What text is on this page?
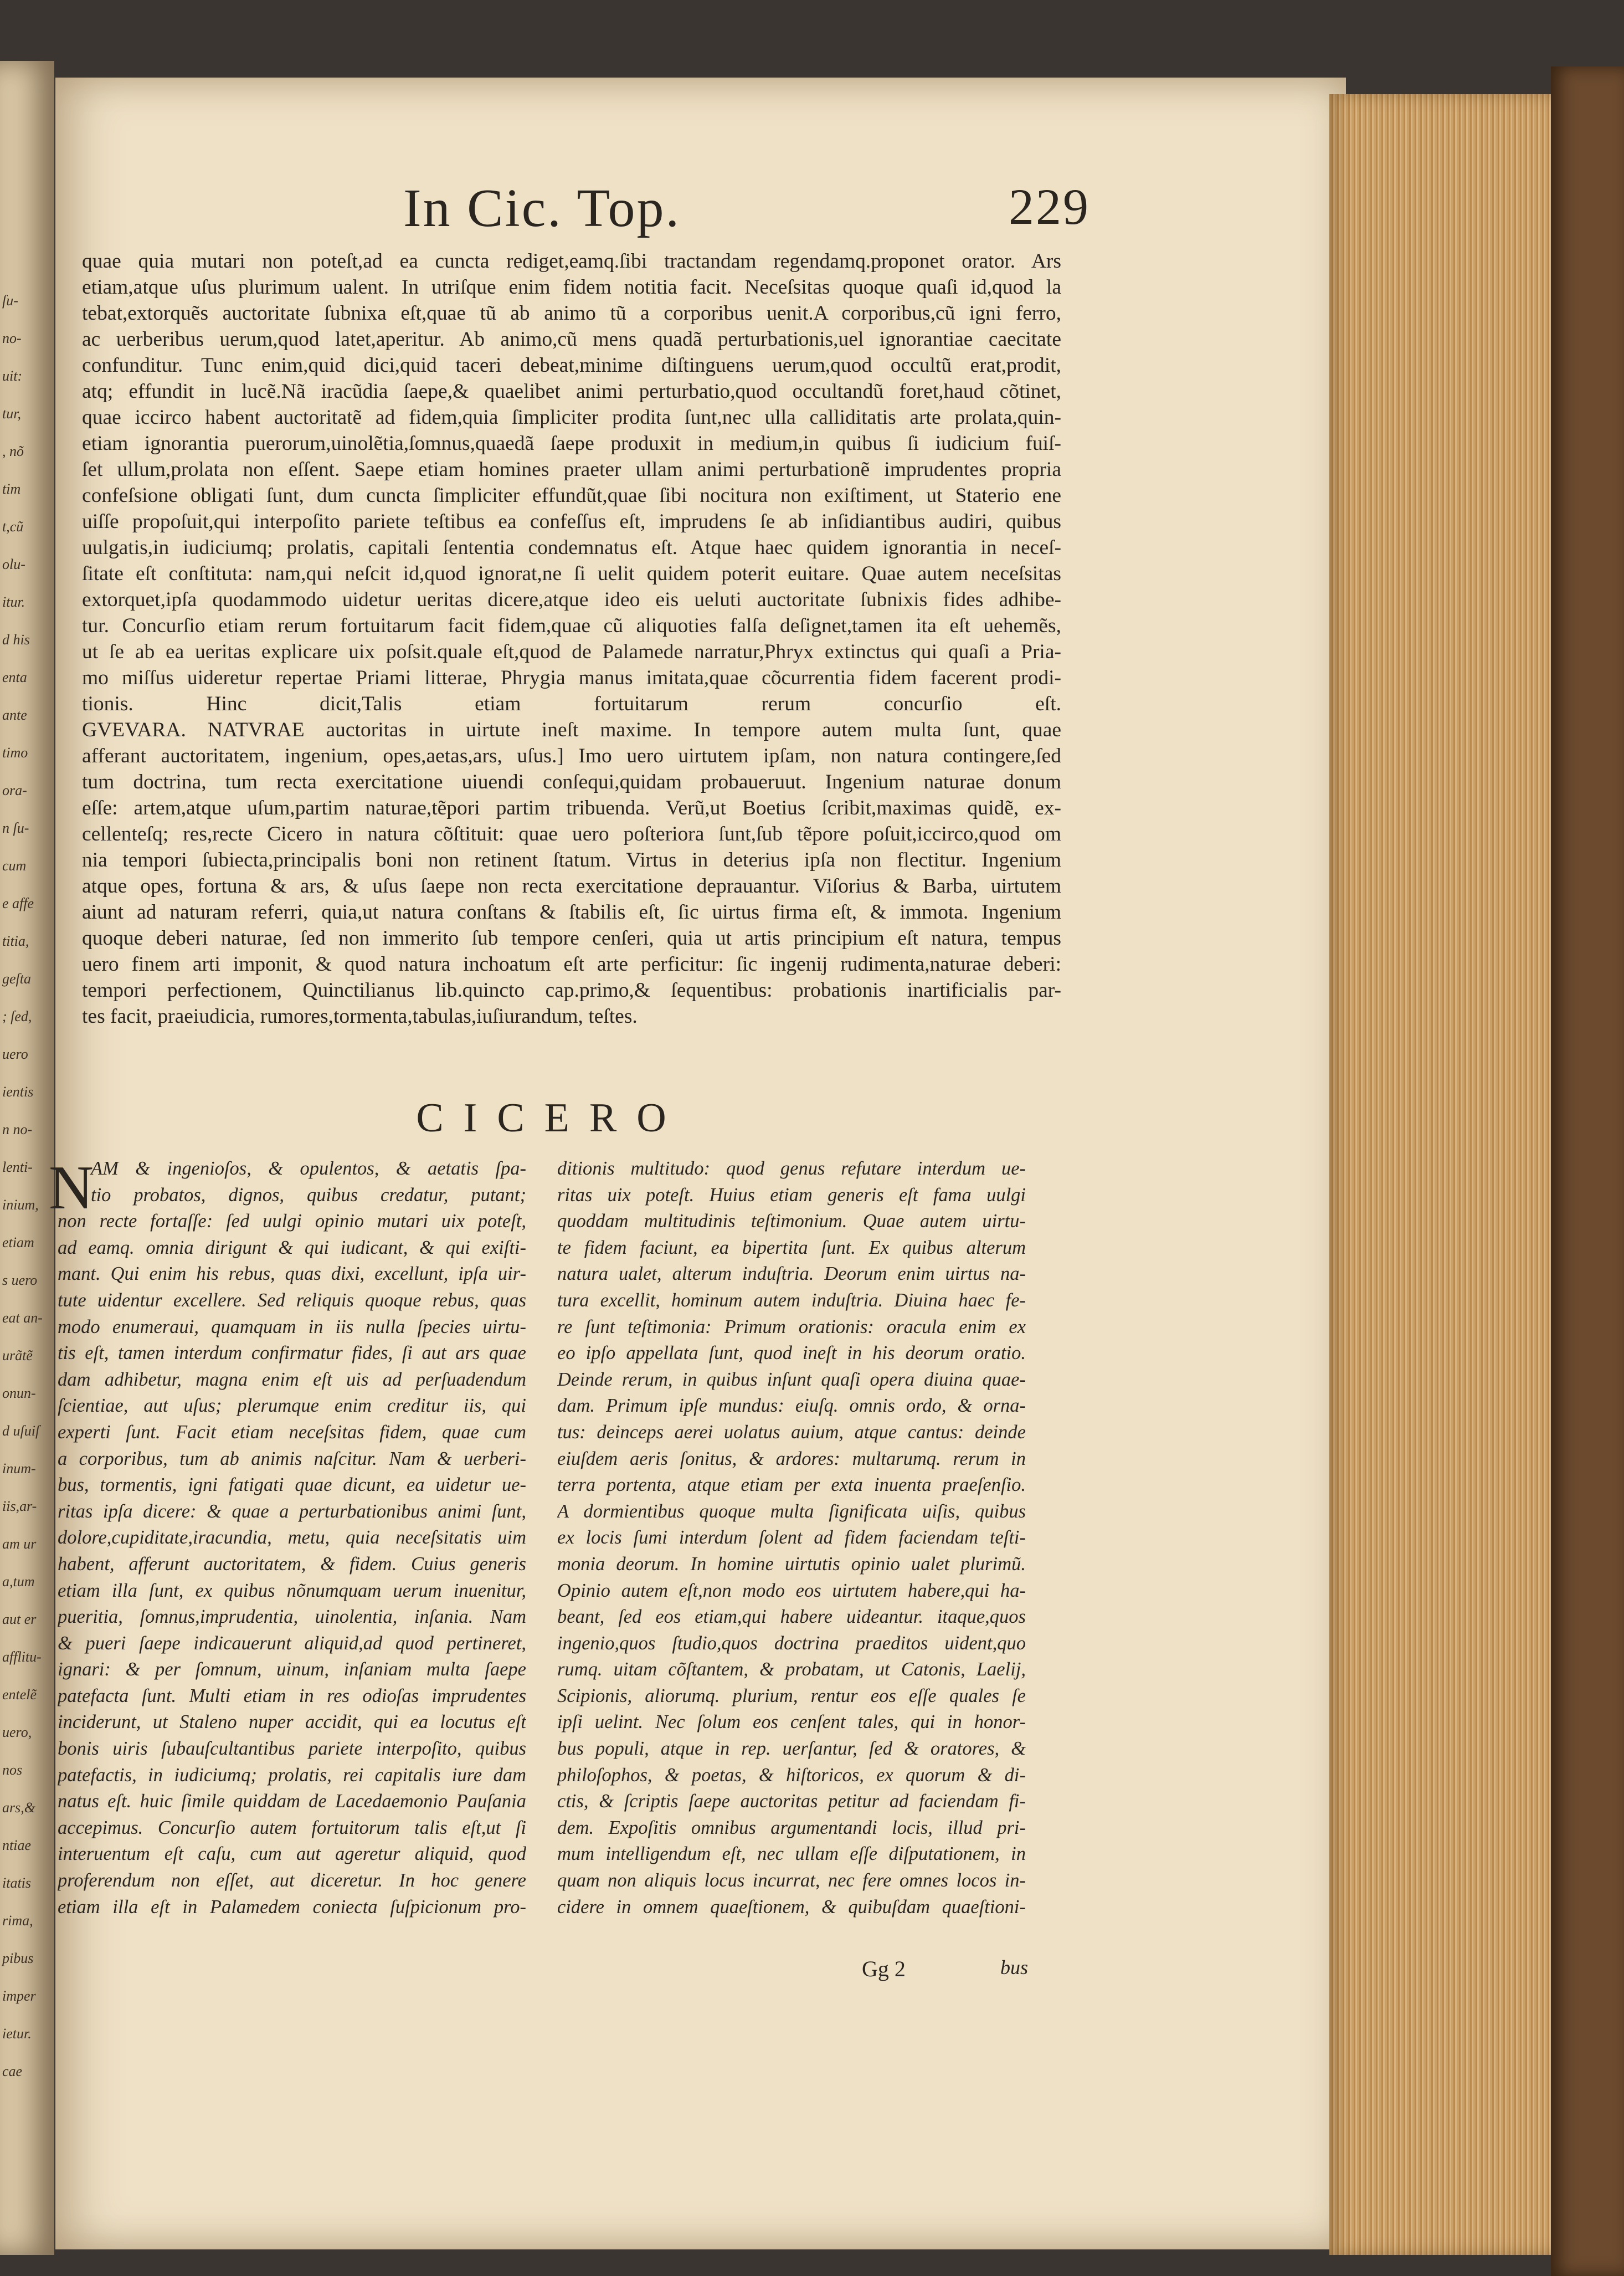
ſu-
no-
uit:
tur,
, nõ
tim
t,cũ
olu-
itur.
d his
enta
ante
timo
ora-
n ſu-
cum
e affe
titia,
geſta
; ſed,
uero
ientis
n no-
lenti-
inium,
etiam
s uero
eat an-
urãtẽ
onun-
d uſuiſ
inum-
iis,ar-
am ur
a,tum
aut er
afflitu-
entelẽ
uero,
nos
ars,&
ntiae
itatis
rima,
pibus
imper
ietur.
cae
In Cic. Top.	229
quae quia mutari non poteſt,ad ea cuncta rediget,eamq.ſibi tractandam regendamq.proponet orator. Ars
etiam,atque uſus plurimum ualent. In utriſque enim fidem notitia facit. Neceſsitas quoque quaſi id,quod la
tebat,extorquẽs auctoritate ſubnixa eſt,quae tũ ab animo tũ a corporibus uenit.A corporibus,cũ igni ferro,
ac uerberibus uerum,quod latet,aperitur. Ab animo,cũ mens quadã perturbationis,uel ignorantiae caecitate
confunditur. Tunc enim,quid dici,quid taceri debeat,minime diſtinguens uerum,quod occultũ erat,prodit,
atq; effundit in lucẽ.Nã iracũdia ſaepe,& quaelibet animi perturbatio,quod occultandũ foret,haud cõtinet,
quae iccirco habent auctoritatẽ ad fidem,quia ſimpliciter prodita ſunt,nec ulla calliditatis arte prolata,quin-
etiam ignorantia puerorum,uinolẽtia,ſomnus,quaedã ſaepe produxit in medium,in quibus ſi iudicium fuiſ-
ſet ullum,prolata non eſſent. Saepe etiam homines praeter ullam animi perturbationẽ imprudentes propria
confeſsione obligati ſunt, dum cuncta ſimpliciter effundũt,quae ſibi nocitura non exiſtiment, ut Staterio ene
uiſſe propoſuit,qui interpoſito pariete teſtibus ea confeſſus eſt, imprudens ſe ab inſidiantibus audiri, quibus
uulgatis,in iudiciumq; prolatis, capitali ſententia condemnatus eſt. Atque haec quidem ignorantia in neceſ-
ſitate eſt conſtituta: nam,qui neſcit id,quod ignorat,ne ſi uelit quidem poterit euitare. Quae autem neceſsitas
extorquet,ipſa quodammodo uidetur ueritas dicere,atque ideo eis ueluti auctoritate ſubnixis fides adhibe-
tur. Concurſio etiam rerum fortuitarum facit fidem,quae cũ aliquoties falſa deſignet,tamen ita eſt uehemẽs,
ut ſe ab ea ueritas explicare uix poſsit.quale eſt,quod de Palamede narratur,Phryx extinctus qui quaſi a Pria-
mo miſſus uideretur repertae Priami litterae, Phrygia manus imitata,quae cõcurrentia fidem facerent prodi-
tionis. Hinc dicit,Talis etiam fortuitarum rerum concurſio eſt.
GVEVARA. NATVRAE auctoritas in uirtute ineſt maxime. In tempore autem multa ſunt, quae
afferant auctoritatem, ingenium, opes,aetas,ars, uſus.] Imo uero uirtutem ipſam, non natura contingere,ſed
tum doctrina, tum recta exercitatione uiuendi conſequi,quidam probaueruut. Ingenium naturae donum
eſſe: artem,atque uſum,partim naturae,tẽpori partim tribuenda. Verũ,ut Boetius ſcribit,maximas quidẽ, ex-
cellenteſq; res,recte Cicero in natura cõſtituit: quae uero poſteriora ſunt,ſub tẽpore poſuit,iccirco,quod om
nia tempori ſubiecta,principalis boni non retinent ſtatum. Virtus in deterius ipſa non flectitur. Ingenium
atque opes, fortuna & ars, & uſus ſaepe non recta exercitatione deprauantur. Viſorius & Barba, uirtutem
aiunt ad naturam referri, quia,ut natura conſtans & ſtabilis eſt, ſic uirtus firma eſt, & immota. Ingenium
quoque deberi naturae, ſed non immerito ſub tempore cenſeri, quia ut artis principium eſt natura, tempus
uero finem arti imponit, & quod natura inchoatum eſt arte perficitur: ſic ingenij rudimenta,naturae deberi:
tempori perfectionem, Quinctilianus lib.quincto cap.primo,& ſequentibus: probationis inartificialis par-
tes facit, praeiudicia, rumores,tormenta,tabulas,iuſiurandum, teſtes.
CICERO
N
AM & ingenioſos, & opulentos, & aetatis ſpa-
tio probatos, dignos, quibus credatur, putant;
non recte fortaſſe: ſed uulgi opinio mutari uix poteſt,
ad eamq. omnia dirigunt & qui iudicant, & qui exiſti-
mant. Qui enim his rebus, quas dixi, excellunt, ipſa uir-
tute uidentur excellere. Sed reliquis quoque rebus, quas
modo enumeraui, quamquam in iis nulla ſpecies uirtu-
tis eſt, tamen interdum confirmatur fides, ſi aut ars quae
dam adhibetur, magna enim eſt uis ad perſuadendum
ſcientiae, aut uſus; plerumque enim creditur iis, qui
experti ſunt. Facit etiam neceſsitas fidem, quae cum
a corporibus, tum ab animis naſcitur. Nam & uerberi-
bus, tormentis, igni fatigati quae dicunt, ea uidetur ue-
ritas ipſa dicere: & quae a perturbationibus animi ſunt,
dolore,cupiditate,iracundia, metu, quia neceſsitatis uim
habent, afferunt auctoritatem, & fidem. Cuius generis
etiam illa ſunt, ex quibus nõnumquam uerum inuenitur,
pueritia, ſomnus,imprudentia, uinolentia, inſania. Nam
& pueri ſaepe indicauerunt aliquid,ad quod pertineret,
ignari: & per ſomnum, uinum, inſaniam multa ſaepe
patefacta ſunt. Multi etiam in res odioſas imprudentes
inciderunt, ut Staleno nuper accidit, qui ea locutus eſt
bonis uiris ſubauſcultantibus pariete interpoſito, quibus
patefactis, in iudiciumq; prolatis, rei capitalis iure dam
natus eſt. huic ſimile quiddam de Lacedaemonio Pauſania
accepimus. Concurſio autem fortuitorum talis eſt,ut ſi
interuentum eſt caſu, cum aut ageretur aliquid, quod
proferendum non eſſet, aut diceretur. In hoc genere
etiam illa eſt in Palamedem coniecta ſuſpicionum pro-
ditionis multitudo: quod genus refutare interdum ue-
ritas uix poteſt. Huius etiam generis eſt fama uulgi
quoddam multitudinis teſtimonium. Quae autem uirtu-
te fidem faciunt, ea bipertita ſunt. Ex quibus alterum
natura ualet, alterum induſtria. Deorum enim uirtus na-
tura excellit, hominum autem induſtria. Diuina haec fe-
re ſunt teſtimonia: Primum orationis: oracula enim ex
eo ipſo appellata ſunt, quod ineſt in his deorum oratio.
Deinde rerum, in quibus inſunt quaſi opera diuina quae-
dam. Primum ipſe mundus: eiuſq. omnis ordo, & orna-
tus: deinceps aerei uolatus auium, atque cantus: deinde
eiuſdem aeris ſonitus, & ardores: multarumq. rerum in
terra portenta, atque etiam per exta inuenta praeſenſio.
A dormientibus quoque multa ſignificata uiſis, quibus
ex locis ſumi interdum ſolent ad fidem faciendam teſti-
monia deorum. In homine uirtutis opinio ualet plurimũ.
Opinio autem eſt,non modo eos uirtutem habere,qui ha-
beant, ſed eos etiam,qui habere uideantur. itaque,quos
ingenio,quos ſtudio,quos doctrina praeditos uident,quo
rumq. uitam cõſtantem, & probatam, ut Catonis, Laelij,
Scipionis, aliorumq. plurium, rentur eos eſſe quales ſe
ipſi uelint. Nec ſolum eos cenſent tales, qui in honor-
bus populi, atque in rep. uerſantur, ſed & oratores, &
philoſophos, & poetas, & hiſtoricos, ex quorum & di-
ctis, & ſcriptis ſaepe auctoritas petitur ad faciendam fi-
dem. Expoſitis omnibus argumentandi locis, illud pri-
mum intelligendum eſt, nec ullam eſſe diſputationem, in
quam non aliquis locus incurrat, nec fere omnes locos in-
cidere in omnem quaeſtionem, & quibuſdam quaeſtioni-
Gg 2	bus
